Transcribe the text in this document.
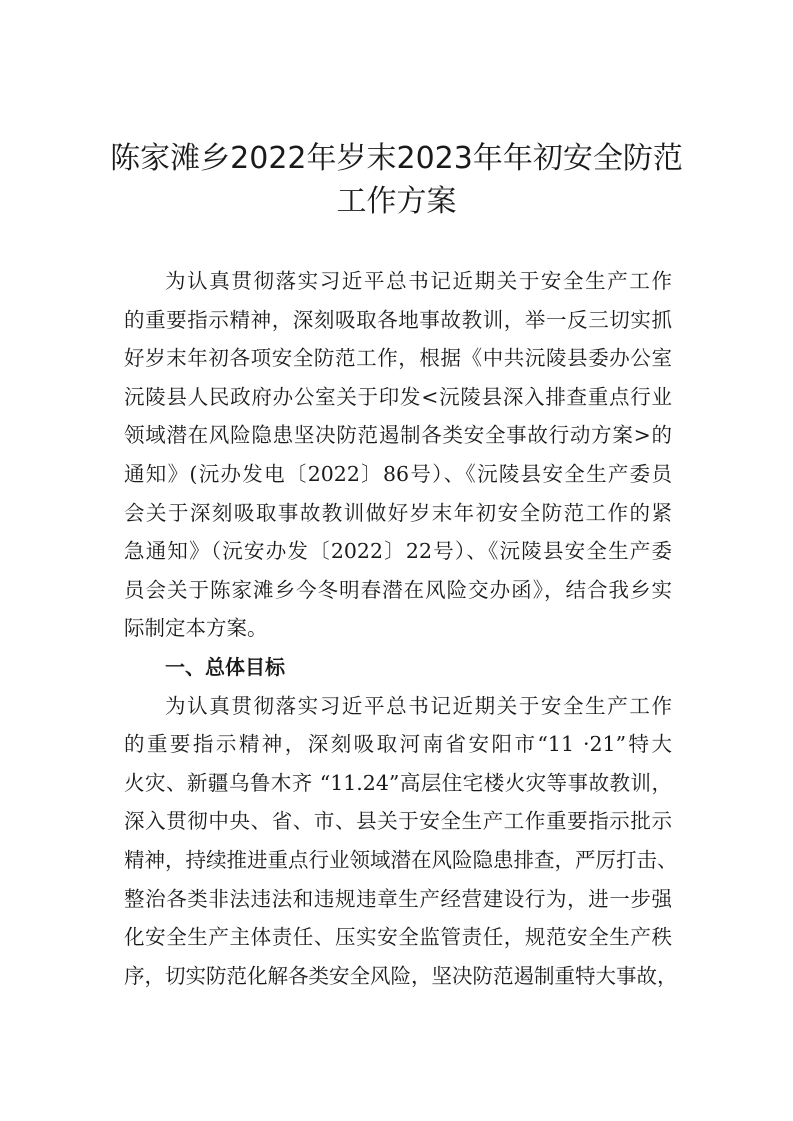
陈家滩乡2022年岁末2023年年初安全防范
工作方案
为认真贯彻落实习近平总书记近期关于安全生产工作
的重要指示精神，深刻吸取各地事故教训，举一反三切实抓
好岁末年初各项安全防范工作，根据《中共沅陵县委办公室
沅陵县人民政府办公室关于印发<沅陵县深入排查重点行业
领域潜在风险隐患坚决防范遏制各类安全事故行动方案>的
通知》(沅办发电〔2022〕86号）、《沅陵县安全生产委员
会关于深刻吸取事故教训做好岁末年初安全防范工作的紧
急通知》（沅安办发〔2022〕22号）、《沅陵县安全生产委
员会关于陈家滩乡今冬明春潜在风险交办函》，结合我乡实
际制定本方案。
一、总体目标
为认真贯彻落实习近平总书记近期关于安全生产工作
的重要指示精神，深刻吸取河南省安阳市“11 ·21”特大
火灾、新疆乌鲁木齐 “11.24”高层住宅楼火灾等事故教训，
深入贯彻中央、省、市、县关于安全生产工作重要指示批示
精神，持续推进重点行业领域潜在风险隐患排查，严厉打击、
整治各类非法违法和违规违章生产经营建设行为，进一步强
化安全生产主体责任、压实安全监管责任，规范安全生产秩
序，切实防范化解各类安全风险，坚决防范遏制重特大事故，
